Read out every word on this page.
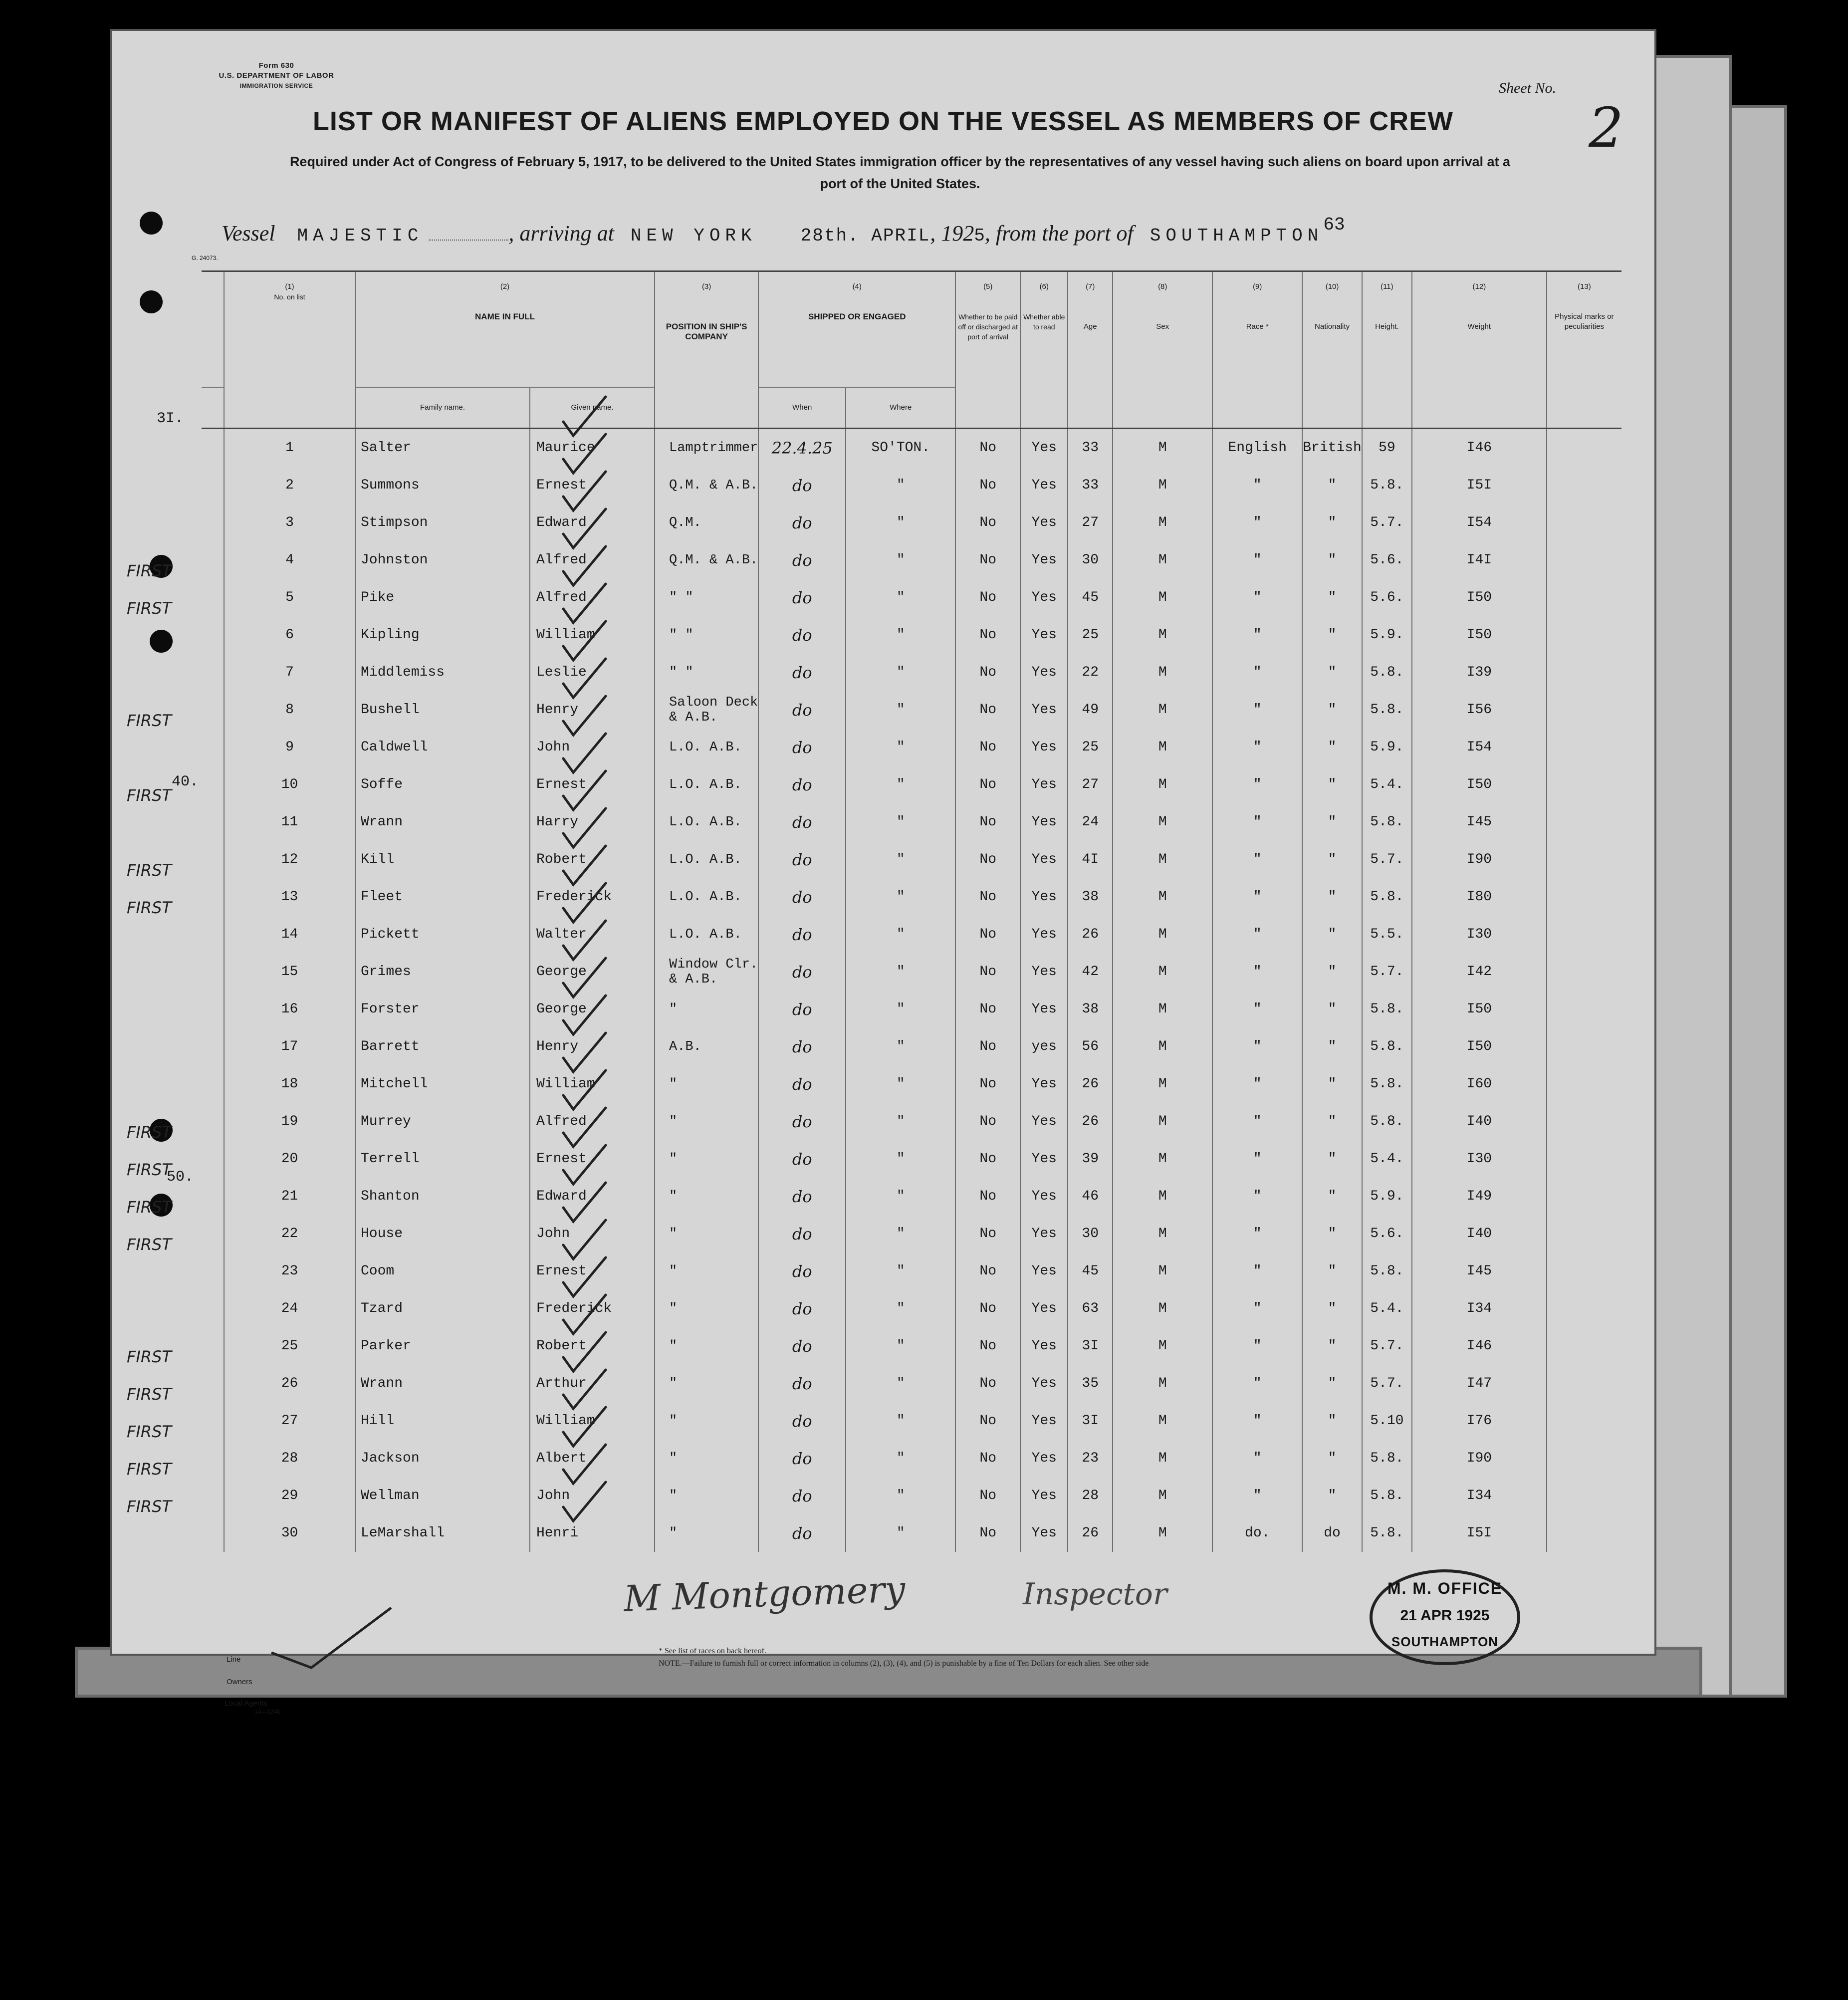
Form 630
U.S. DEPARTMENT OF LABOR
IMMIGRATION SERVICE	Sheet No.
2
LIST OR MANIFEST OF ALIENS EMPLOYED ON THE VESSEL AS MEMBERS OF CREW
Required under Act of Congress of February 5, 1917, to be delivered to the United States immigration officer by the representatives of any vessel having such aliens on board upon arrival at a port of the United States.
Vessel MAJESTIC	, arriving at NEW YORK 28th. APRIL, 1925, from the port of SOUTHAMPTON$^{63}$
G. 24073.
	(1)	(2)		(3)	(4)		(5)	(6)	(7)	(8)	(9)	(10)	(11)	(12)	(13)
	No. on list	NAME IN FULL		POSITION IN SHIP'S COMPANY	SHIPPED OR ENGAGED		Whether to be paid off or discharged at port of arrival	Whether able to read	Age	Sex	Race *	Nationality	Height.	Weight	Physical marks or peculiarities
		Family name.	Given name.		When	Where									
	1	Salter	Maurice	Lamptrimmer	22.4.25	SO'TON.	No	Yes	33	M	English	British	59	I46	
	2	Summons	Ernest	Q.M. & A.B.	do	"	No	Yes	33	M	"	"	5.8.	I5I	
	3	Stimpson	Edward	Q.M.	do	"	No	Yes	27	M	"	"	5.7.	I54	
	4	Johnston	Alfred	Q.M. & A.B.	do	"	No	Yes	30	M	"	"	5.6.	I4I	
	5	Pike	Alfred	" "	do	"	No	Yes	45	M	"	"	5.6.	I50	
	6	Kipling	William	" "	do	"	No	Yes	25	M	"	"	5.9.	I50	
	7	Middlemiss	Leslie	" "	do	"	No	Yes	22	M	"	"	5.8.	I39	
	8	Bushell	Henry	Saloon Deck & A.B.	do	"	No	Yes	49	M	"	"	5.8.	I56	
	9	Caldwell	John	L.O. A.B.	do	"	No	Yes	25	M	"	"	5.9.	I54	
	10	Soffe	Ernest	L.O. A.B.	do	"	No	Yes	27	M	"	"	5.4.	I50	
	11	Wrann	Harry	L.O. A.B.	do	"	No	Yes	24	M	"	"	5.8.	I45	
	12	Kill	Robert	L.O. A.B.	do	"	No	Yes	4I	M	"	"	5.7.	I90	
	13	Fleet	Frederick	L.O. A.B.	do	"	No	Yes	38	M	"	"	5.8.	I80	
	14	Pickett	Walter	L.O. A.B.	do	"	No	Yes	26	M	"	"	5.5.	I30	
	15	Grimes	George	Window Clr. & A.B.	do	"	No	Yes	42	M	"	"	5.7.	I42	
	16	Forster	George	"	do	"	No	Yes	38	M	"	"	5.8.	I50	
	17	Barrett	Henry	A.B.	do	"	No	yes	56	M	"	"	5.8.	I50	
	18	Mitchell	William	"	do	"	No	Yes	26	M	"	"	5.8.	I60	
	19	Murrey	Alfred	"	do	"	No	Yes	26	M	"	"	5.8.	I40	
	20	Terrell	Ernest	"	do	"	No	Yes	39	M	"	"	5.4.	I30	
	21	Shanton	Edward	"	do	"	No	Yes	46	M	"	"	5.9.	I49	
	22	House	John	"	do	"	No	Yes	30	M	"	"	5.6.	I40	
	23	Coom	Ernest	"	do	"	No	Yes	45	M	"	"	5.8.	I45	
	24	Tzard	Frederick	"	do	"	No	Yes	63	M	"	"	5.4.	I34	
	25	Parker	Robert	"	do	"	No	Yes	3I	M	"	"	5.7.	I46	
	26	Wrann	Arthur	"	do	"	No	Yes	35	M	"	"	5.7.	I47	
	27	Hill	William	"	do	"	No	Yes	3I	M	"	"	5.10	I76	
	28	Jackson	Albert	"	do	"	No	Yes	23	M	"	"	5.8.	I90	
	29	Wellman	John	"	do	"	No	Yes	28	M	"	"	5.8.	I34	
	30	LeMarshall	Henri	"	do	"	No	Yes	26	M	do.	do	5.8.	I5I	
3I.
40.
50.
FIRST
FIRST
FIRST
FIRST
FIRST
FIRST
FIRST
FIRST
FIRST
FIRST
FIRST
FIRST
FIRST
FIRST
FIRST
Line
Owners
Local Agents
14—1240
* See list of races on back hereof.
NOTE.—Failure to furnish full or correct information in columns (2), (3), (4), and (5) is punishable by a fine of Ten Dollars for each alien. See other side
M Montgomery	Inspector	M. M. OFFICE
21 APR 1925
SOUTHAMPTON
